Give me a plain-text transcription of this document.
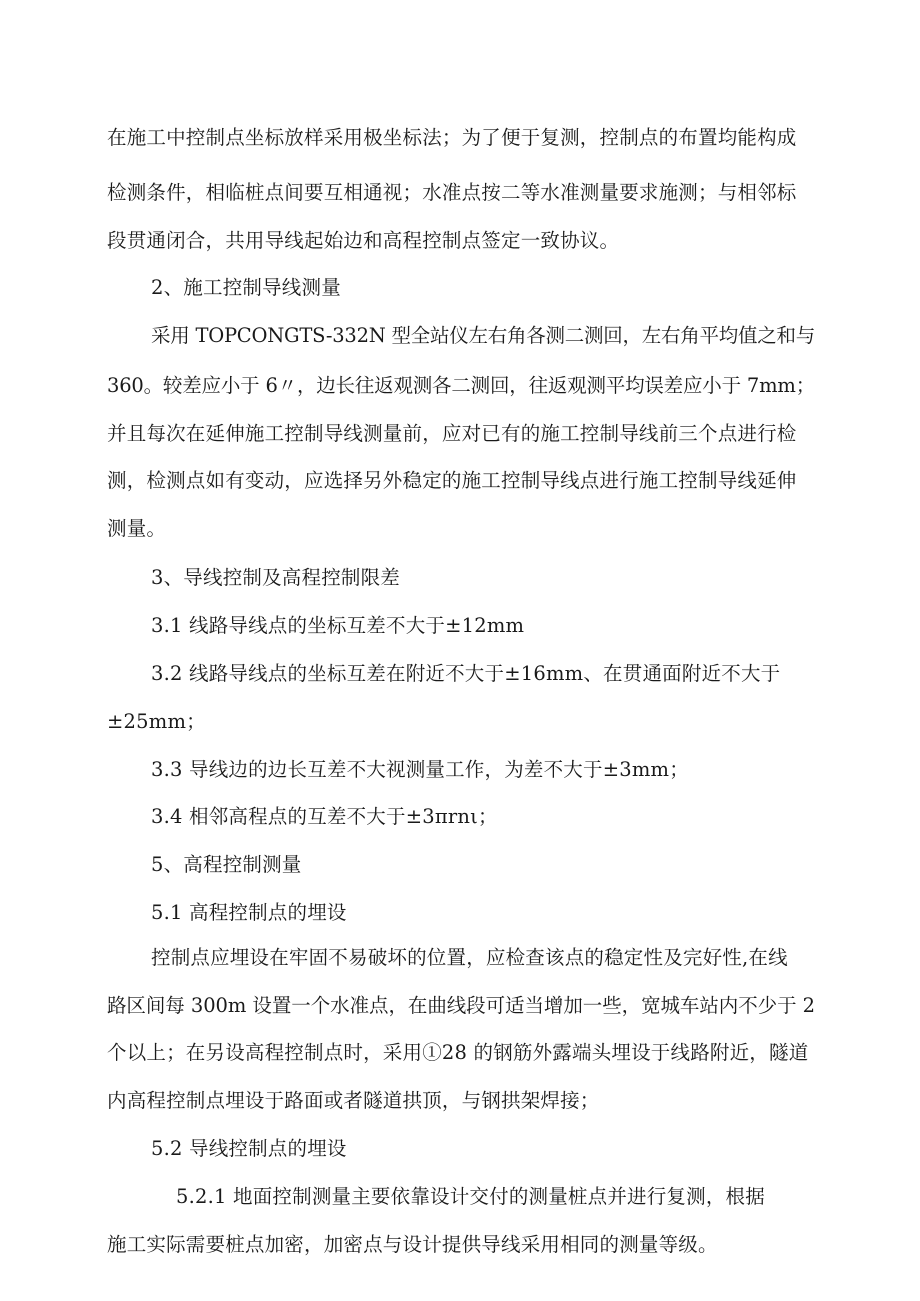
在施工中控制点坐标放样采用极坐标法；为了便于复测，控制点的布置均能构成
检测条件，相临桩点间要互相通视；水准点按二等水准测量要求施测；与相邻标
段贯通闭合，共用导线起始边和高程控制点签定一致协议。
2、施工控制导线测量
采用 TOPCONGTS-332N 型全站仪左右角各测二测回，左右角平均值之和与
360。较差应小于 6〃，边长往返观测各二测回，往返观测平均误差应小于 7mm；
并且每次在延伸施工控制导线测量前，应对已有的施工控制导线前三个点进行检
测，检测点如有变动，应选择另外稳定的施工控制导线点进行施工控制导线延伸
测量。
3、导线控制及高程控制限差
3.1 线路导线点的坐标互差不大于±12mm
3.2 线路导线点的坐标互差在附近不大于±16mm、在贯通面附近不大于
±25mm；
3.3 导线边的边长互差不大视测量工作，为差不大于±3mm；
3.4 相邻高程点的互差不大于±3πrnι；
5、高程控制测量
5.1 高程控制点的埋设
控制点应埋设在牢固不易破坏的位置，应检查该点的稳定性及完好性,在线
路区间每 300m 设置一个水准点，在曲线段可适当增加一些，宽城车站内不少于 2
个以上；在另设高程控制点时，采用①28 的钢筋外露端头埋设于线路附近，隧道
内高程控制点埋设于路面或者隧道拱顶，与钢拱架焊接；
5.2 导线控制点的埋设
5.2.1 地面控制测量主要依靠设计交付的测量桩点并进行复测，根据
施工实际需要桩点加密，加密点与设计提供导线采用相同的测量等级。
